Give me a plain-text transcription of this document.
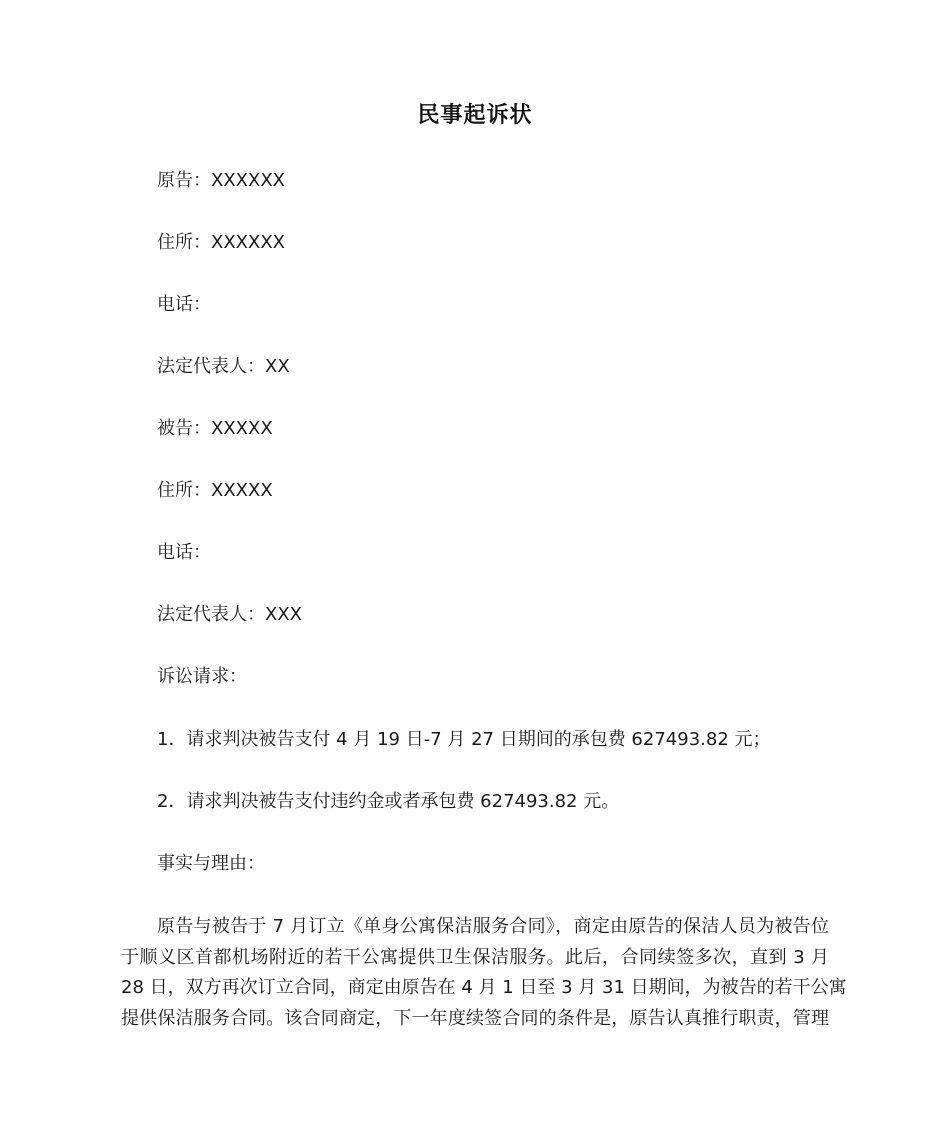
民事起诉状
原告：XXXXXX
住所：XXXXXX
电话：
法定代表人：XX
被告：XXXXX
住所：XXXXX
电话：
法定代表人：XXX
诉讼请求：
1．请求判决被告支付 4 月 19 日-7 月 27 日期间的承包费 627493.82 元；
2．请求判决被告支付违约金或者承包费 627493.82 元。
事实与理由：
原告与被告于 7 月订立《单身公寓保洁服务合同》，商定由原告的保洁人员为被告位
于顺义区首都机场附近的若干公寓提供卫生保洁服务。此后，合同续签多次，直到 3 月
28 日，双方再次订立合同，商定由原告在 4 月 1 日至 3 月 31 日期间，为被告的若干公寓
提供保洁服务合同。该合同商定，下一年度续签合同的条件是，原告认真推行职责，管理
